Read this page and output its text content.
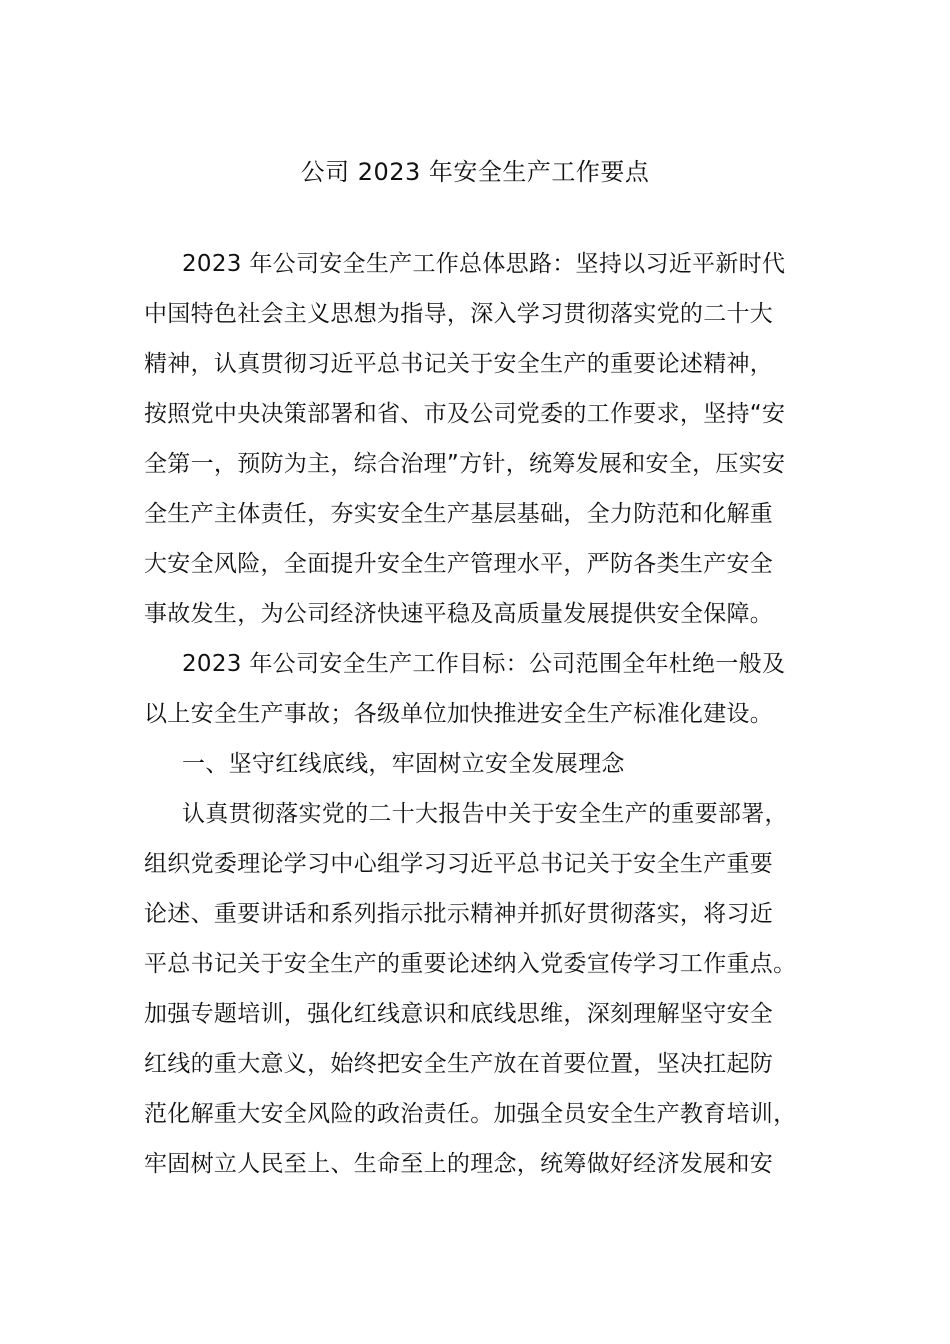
公司 2023 年安全生产工作要点

2023 年公司安全生产工作总体思路：坚持以习近平新时代
中国特色社会主义思想为指导，深入学习贯彻落实党的二十大
精神，认真贯彻习近平总书记关于安全生产的重要论述精神，
按照党中央决策部署和省、市及公司党委的工作要求，坚持“安
全第一，预防为主，综合治理”方针，统筹发展和安全，压实安
全生产主体责任，夯实安全生产基层基础，全力防范和化解重
大安全风险，全面提升安全生产管理水平，严防各类生产安全
事故发生，为公司经济快速平稳及高质量发展提供安全保障。

2023 年公司安全生产工作目标：公司范围全年杜绝一般及
以上安全生产事故；各级单位加快推进安全生产标准化建设。

一、坚守红线底线，牢固树立安全发展理念

认真贯彻落实党的二十大报告中关于安全生产的重要部署，
组织党委理论学习中心组学习习近平总书记关于安全生产重要
论述、重要讲话和系列指示批示精神并抓好贯彻落实，将习近
平总书记关于安全生产的重要论述纳入党委宣传学习工作重点。
加强专题培训，强化红线意识和底线思维，深刻理解坚守安全
红线的重大意义，始终把安全生产放在首要位置，坚决扛起防
范化解重大安全风险的政治责任。加强全员安全生产教育培训，
牢固树立人民至上、生命至上的理念，统筹做好经济发展和安
